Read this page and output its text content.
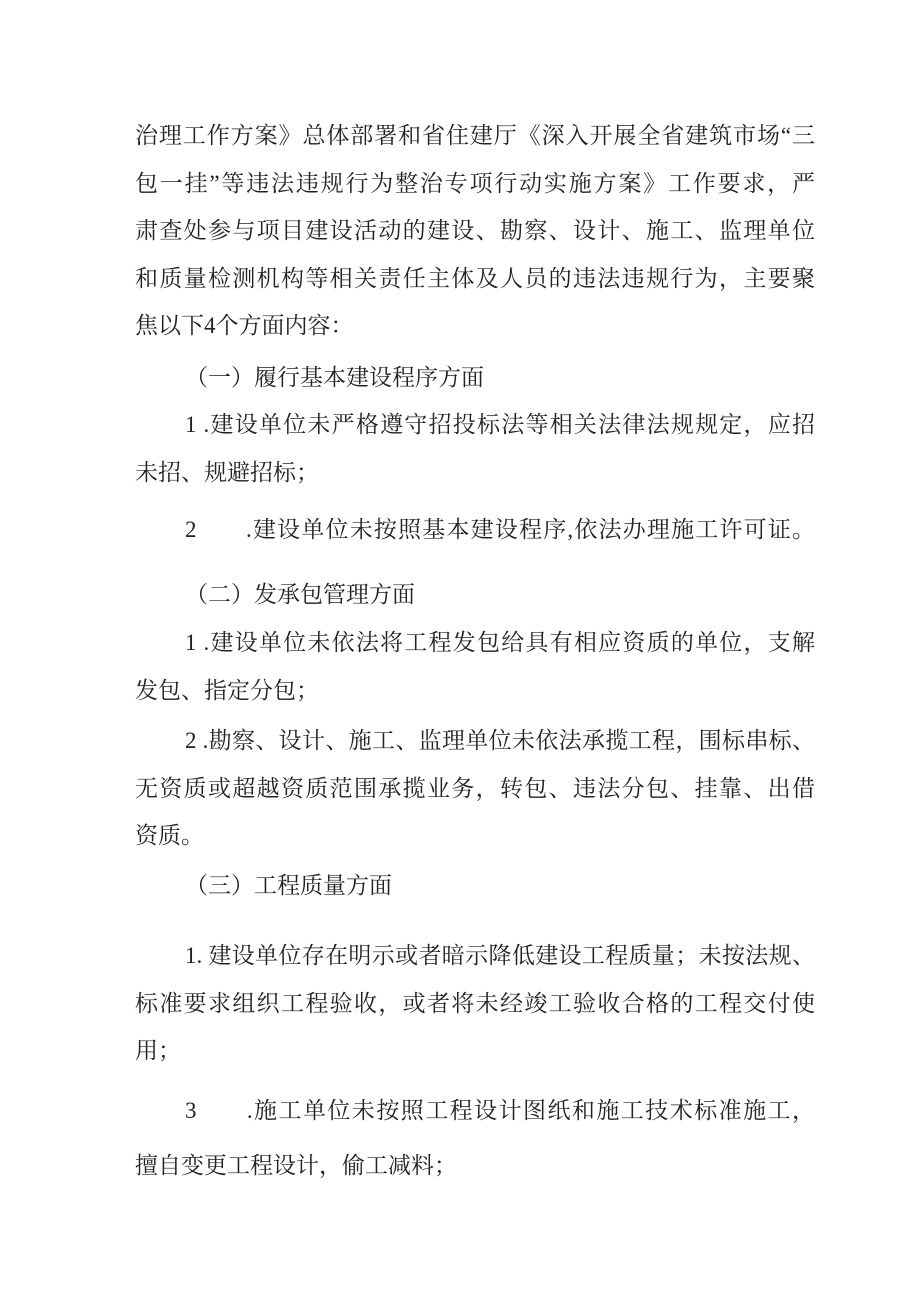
治理工作方案》总体部署和省住建厅《深入开展全省建筑市场“三
包一挂”等违法违规行为整治专项行动实施方案》工作要求，严
肃查处参与项目建设活动的建设、勘察、设计、施工、监理单位
和质量检测机构等相关责任主体及人员的违法违规行为，主要聚
焦以下4个方面内容：
（一）履行基本建设程序方面
1 .建设单位未严格遵守招投标法等相关法律法规规定，应招
未招、规避招标；
2　　.建设单位未按照基本建设程序,依法办理施工许可证。
（二）发承包管理方面
1 .建设单位未依法将工程发包给具有相应资质的单位，支解
发包、指定分包；
2 .勘察、设计、施工、监理单位未依法承揽工程，围标串标、
无资质或超越资质范围承揽业务，转包、违法分包、挂靠、出借
资质。
（三）工程质量方面
1. 建设单位存在明示或者暗示降低建设工程质量；未按法规、
标准要求组织工程验收，或者将未经竣工验收合格的工程交付使
用；
3　　.施工单位未按照工程设计图纸和施工技术标准施工，
擅自变更工程设计，偷工减料；
